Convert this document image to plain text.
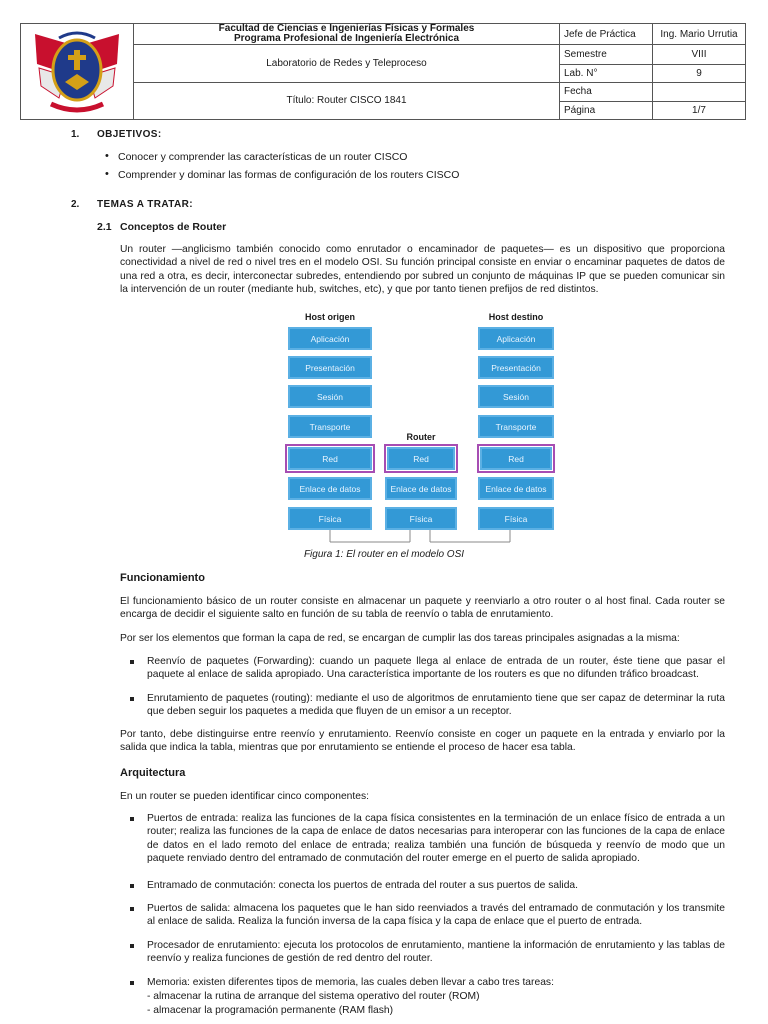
Facultad de Ciencias e Ingenierías Físicas y Formales
Programa Profesional de Ingeniería Electrónica	Jefe de Práctica	Ing. Mario Urrutia
	Laboratorio de Redes y Teleproceso	Semestre	VIII
		Lab. N°	9
	Título: Router CISCO 1841	Fecha	
		Página	1/7
1. OBJETIVOS:
• Conocer y comprender las características de un router CISCO
• Comprender y dominar las formas de configuración de los routers CISCO
2. TEMAS A TRATAR:
2.1 Conceptos de Router
Un router —anglicismo también conocido como enrutador o encaminador de paquetes— es un dispositivo que proporciona conectividad a nivel de red o nivel tres en el modelo OSI. Su función principal consiste en enviar o encaminar paquetes de datos de una red a otra, es decir, interconectar subredes, entendiendo por subred un conjunto de máquinas IP que se pueden comunicar sin la intervención de un router (mediante hub, switches, etc), y que por tanto tienen prefijos de red distintos.
Host origen	Host destino
Router
Aplicación
Presentación
Sesión
Transporte
Red
Enlace de datos
Física
Red
Enlace de datos
Física
Aplicación
Presentación
Sesión
Transporte
Red
Enlace de datos
Física
Figura 1: El router en el modelo OSI
Funcionamiento
El funcionamiento básico de un router consiste en almacenar un paquete y reenviarlo a otro router o al host final. Cada router se encarga de decidir el siguiente salto en función de su tabla de reenvío o tabla de enrutamiento.
Por ser los elementos que forman la capa de red, se encargan de cumplir las dos tareas principales asignadas a la misma:
Reenvío de paquetes (Forwarding): cuando un paquete llega al enlace de entrada de un router, éste tiene que pasar el paquete al enlace de salida apropiado. Una característica importante de los routers es que no difunden tráfico broadcast.
Enrutamiento de paquetes (routing): mediante el uso de algoritmos de enrutamiento tiene que ser capaz de determinar la ruta que deben seguir los paquetes a medida que fluyen de un emisor a un receptor.
Por tanto, debe distinguirse entre reenvío y enrutamiento. Reenvío consiste en coger un paquete en la entrada y enviarlo por la salida que indica la tabla, mientras que por enrutamiento se entiende el proceso de hacer esa tabla.
Arquitectura
En un router se pueden identificar cinco componentes:
Puertos de entrada: realiza las funciones de la capa física consistentes en la terminación de un enlace físico de entrada a un router; realiza las funciones de la capa de enlace de datos necesarias para interoperar con las funciones de la capa de enlace de datos en el lado remoto del enlace de entrada; realiza también una función de búsqueda y reenvío de modo que un paquete renviado dentro del entramado de conmutación del router emerge en el puerto de salida apropiado.
Entramado de conmutación: conecta los puertos de entrada del router a sus puertos de salida.
Puertos de salida: almacena los paquetes que le han sido reenviados a través del entramado de conmutación y los transmite al enlace de salida. Realiza la función inversa de la capa física y la capa de enlace que el puerto de entrada.
Procesador de enrutamiento: ejecuta los protocolos de enrutamiento, mantiene la información de enrutamiento y las tablas de reenvío y realiza funciones de gestión de red dentro del router.
Memoria: existen diferentes tipos de memoria, las cuales deben llevar a cabo tres tareas:
- almacenar la rutina de arranque del sistema operativo del router (ROM)
- almacenar la programación permanente (RAM flash)
